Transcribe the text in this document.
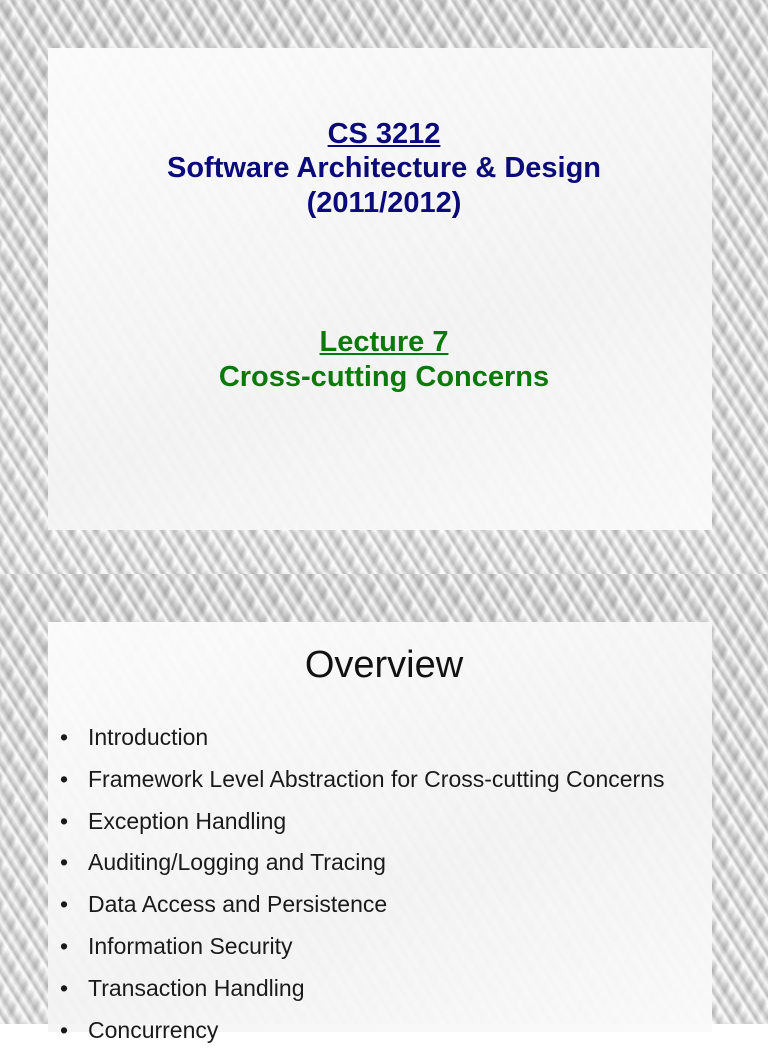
CS 3212
Software Architecture & Design
(2011/2012)
Lecture 7
Cross-cutting Concerns
Overview
• Introduction
• Framework Level Abstraction for Cross-cutting Concerns
• Exception Handling
• Auditing/Logging and Tracing
• Data Access and Persistence
• Information Security
• Transaction Handling
• Concurrency
